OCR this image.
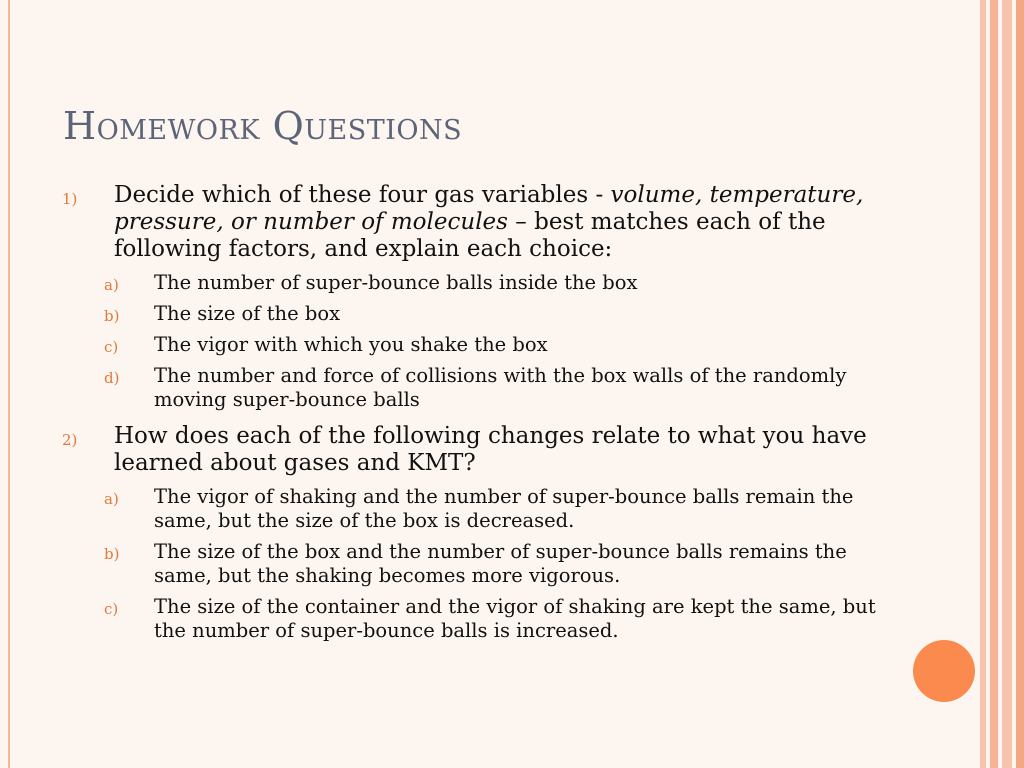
Homework Questions
1) Decide which of these four gas variables - volume, temperature, pressure, or number of molecules – best matches each of the following factors, and explain each choice:
a) The number of super-bounce balls inside the box
b) The size of the box
c) The vigor with which you shake the box
d) The number and force of collisions with the box walls of the randomly moving super-bounce balls
2) How does each of the following changes relate to what you have learned about gases and KMT?
a) The vigor of shaking and the number of super-bounce balls remain the same, but the size of the box is decreased.
b) The size of the box and the number of super-bounce balls remains the same, but the shaking becomes more vigorous.
c) The size of the container and the vigor of shaking are kept the same, but the number of super-bounce balls is increased.
